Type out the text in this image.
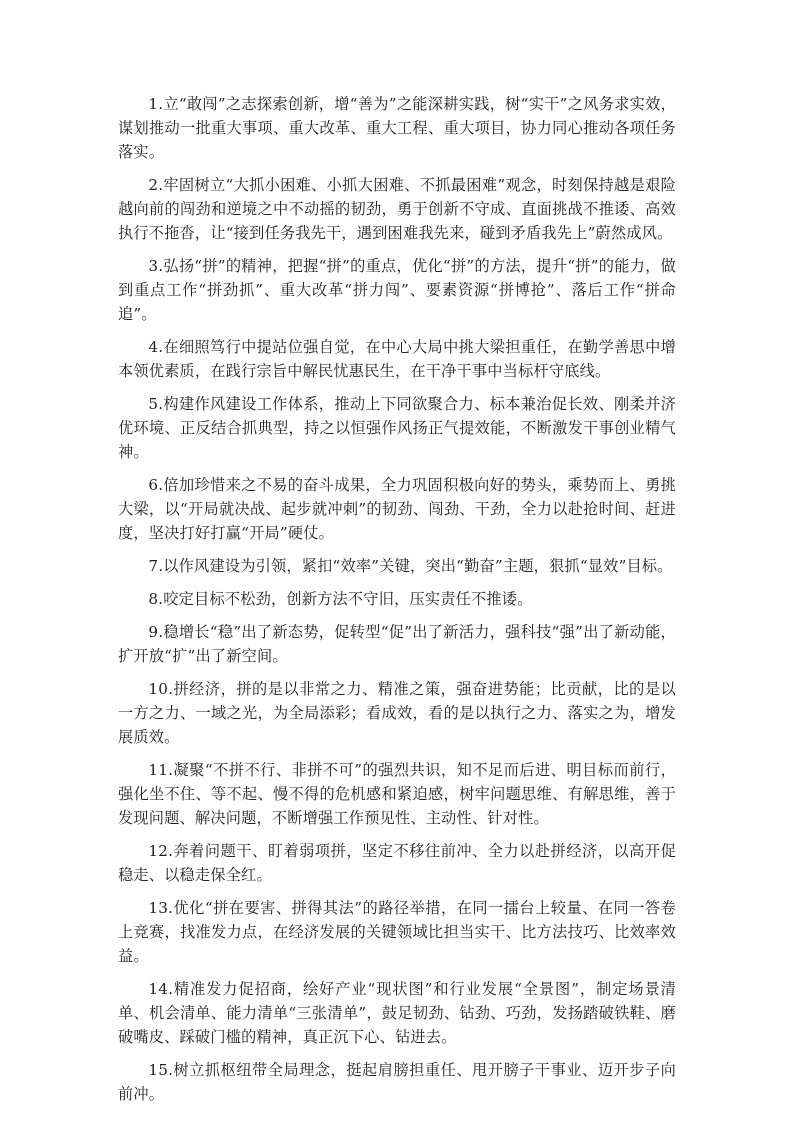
1.立“敢闯”之志探索创新，增“善为”之能深耕实践，树“实干”之风务求实效，谋划推动一批重大事项、重大改革、重大工程、重大项目，协力同心推动各项任务落实。

2.牢固树立“大抓小困难、小抓大困难、不抓最困难”观念，时刻保持越是艰险越向前的闯劲和逆境之中不动摇的韧劲，勇于创新不守成、直面挑战不推诿、高效执行不拖沓，让“接到任务我先干，遇到困难我先来，碰到矛盾我先上”蔚然成风。

3.弘扬“拼”的精神，把握“拼”的重点，优化“拼”的方法，提升“拼”的能力，做到重点工作“拼劲抓”、重大改革“拼力闯”、要素资源“拼博抢”、落后工作“拼命追”。

4.在细照笃行中提站位强自觉，在中心大局中挑大梁担重任，在勤学善思中增本领优素质，在践行宗旨中解民忧惠民生，在干净干事中当标杆守底线。

5.构建作风建设工作体系，推动上下同欲聚合力、标本兼治促长效、刚柔并济优环境、正反结合抓典型，持之以恒强作风扬正气提效能，不断激发干事创业精气神。

6.倍加珍惜来之不易的奋斗成果，全力巩固积极向好的势头，乘势而上、勇挑大梁，以“开局就决战、起步就冲刺”的韧劲、闯劲、干劲，全力以赴抢时间、赶进度，坚决打好打赢“开局”硬仗。

7.以作风建设为引领，紧扣“效率”关键，突出“勤奋”主题，狠抓“显效”目标。

8.咬定目标不松劲，创新方法不守旧，压实责任不推诿。

9.稳增长“稳”出了新态势，促转型“促”出了新活力，强科技“强”出了新动能，扩开放“扩”出了新空间。

10.拼经济，拼的是以非常之力、精准之策，强奋进势能；比贡献，比的是以一方之力、一域之光，为全局添彩；看成效，看的是以执行之力、落实之为，增发展质效。

11.凝聚“不拼不行、非拼不可”的强烈共识，知不足而后进、明目标而前行，强化坐不住、等不起、慢不得的危机感和紧迫感，树牢问题思维、有解思维，善于发现问题、解决问题，不断增强工作预见性、主动性、针对性。

12.奔着问题干、盯着弱项拼，坚定不移往前冲、全力以赴拼经济，以高开促稳走、以稳走保全红。

13.优化“拼在要害、拼得其法”的路径举措，在同一擂台上较量、在同一答卷上竞赛，找准发力点，在经济发展的关键领域比担当实干、比方法技巧、比效率效益。

14.精准发力促招商，绘好产业“现状图”和行业发展“全景图”，制定场景清单、机会清单、能力清单“三张清单”，鼓足韧劲、钻劲、巧劲，发扬踏破铁鞋、磨破嘴皮、踩破门槛的精神，真正沉下心、钻进去。

15.树立抓枢纽带全局理念，挺起肩膀担重任、甩开膀子干事业、迈开步子向前冲。
